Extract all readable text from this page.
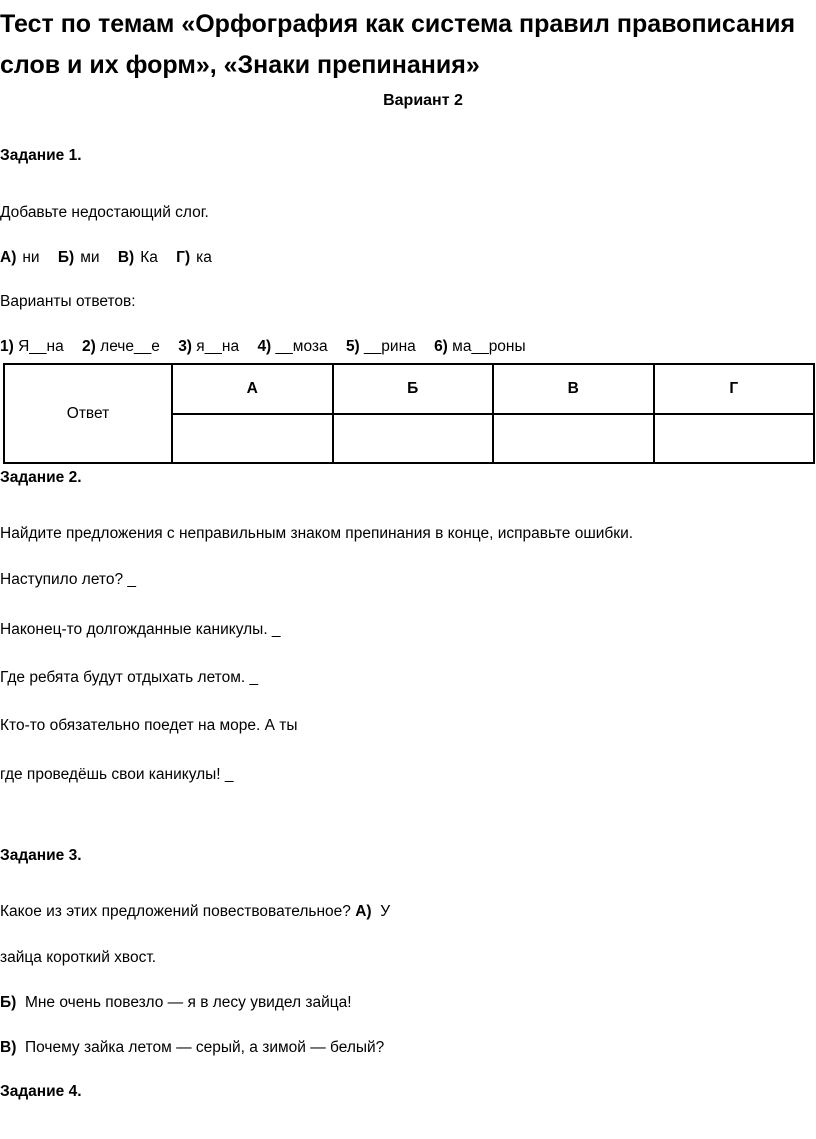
Тест по темам «Орфография как система правил правописания слов и их форм», «Знаки препинания»
Вариант 2
Задание 1.
Добавьте недостающий слог.
А) ни Б) ми В) Ка Г) ка
Варианты ответов:
1) Я__на 2) лече__е 3) я__на 4) __моза 5) __рина 6) ма__роны
Ответ	А	Б	В	Г

Задание 2.
Найдите предложения с неправильным знаком препинания в конце, исправьте ошибки.
Наступило лето? _
Наконец-то долгожданные каникулы. _
Где ребята будут отдыхать летом. _
Кто-то обязательно поедет на море. А ты
где проведёшь свои каникулы! _
Задание 3.
Какое из этих предложений повествовательное? А) У
зайца короткий хвост.
Б) Мне очень повезло — я в лесу увидел зайца!
В) Почему зайка летом — серый, а зимой — белый?
Задание 4.
